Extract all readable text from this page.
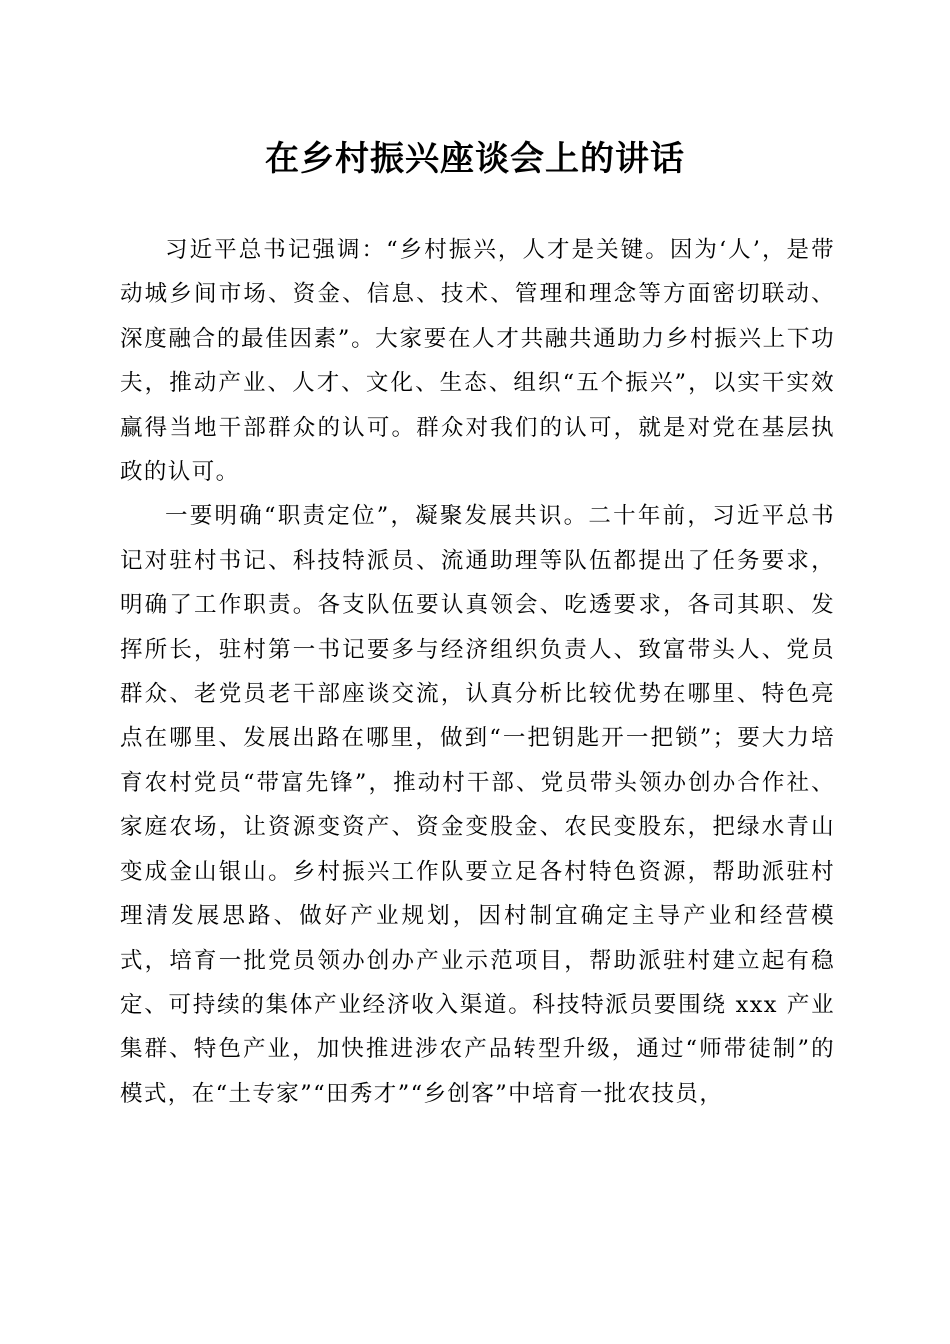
在乡村振兴座谈会上的讲话

习近平总书记强调：“乡村振兴，人才是关键。因为‘人’，是带动城乡间市场、资金、信息、技术、管理和理念等方面密切联动、深度融合的最佳因素”。大家要在人才共融共通助力乡村振兴上下功夫，推动产业、人才、文化、生态、组织“五个振兴”，以实干实效赢得当地干部群众的认可。群众对我们的认可，就是对党在基层执政的认可。

一要明确“职责定位”，凝聚发展共识。二十年前，习近平总书记对驻村书记、科技特派员、流通助理等队伍都提出了任务要求，明确了工作职责。各支队伍要认真领会、吃透要求，各司其职、发挥所长，驻村第一书记要多与经济组织负责人、致富带头人、党员群众、老党员老干部座谈交流，认真分析比较优势在哪里、特色亮点在哪里、发展出路在哪里，做到“一把钥匙开一把锁”；要大力培育农村党员“带富先锋”，推动村干部、党员带头领办创办合作社、家庭农场，让资源变资产、资金变股金、农民变股东，把绿水青山变成金山银山。乡村振兴工作队要立足各村特色资源，帮助派驻村理清发展思路、做好产业规划，因村制宜确定主导产业和经营模式，培育一批党员领办创办产业示范项目，帮助派驻村建立起有稳定、可持续的集体产业经济收入渠道。科技特派员要围绕 xxx 产业集群、特色产业，加快推进涉农产品转型升级，通过“师带徒制”的模式，在“土专家”“田秀才”“乡创客”中培育一批农技员，
